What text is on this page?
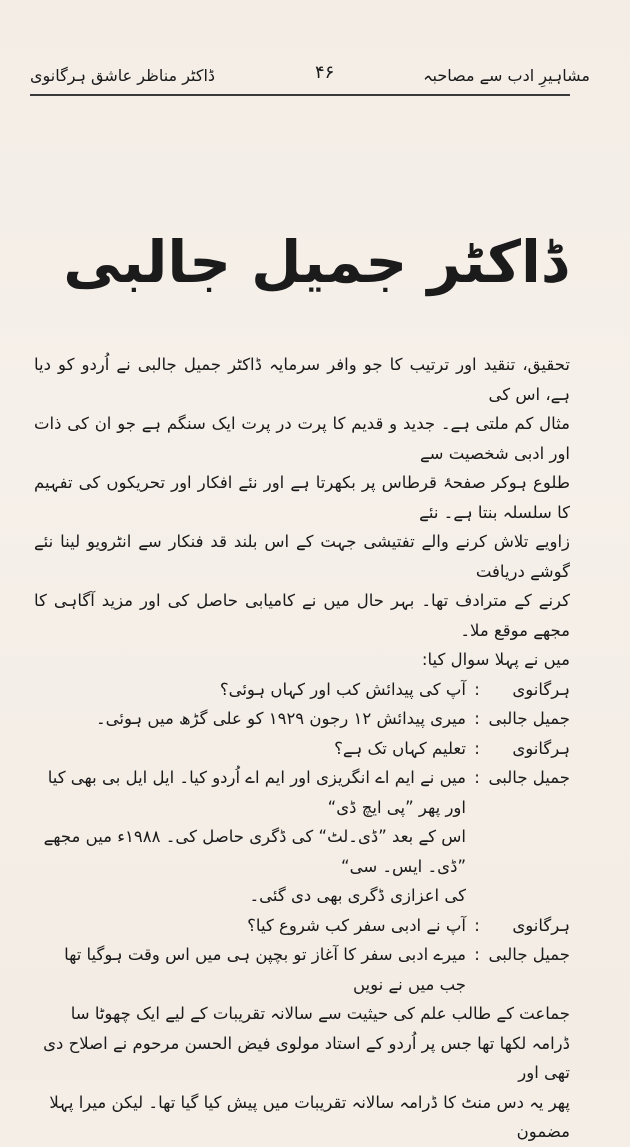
مشاہیرِ ادب سے مصاحبہ
۴۶
ڈاکٹر مناظر عاشق ہرگانوی
ڈاکٹر جمیل جالبی

تحقیق، تنقید اور ترتیب کا جو وافر سرمایہ ڈاکٹر جمیل جالبی نے اُردو کو دیا ہے، اس کی

مثال کم ملتی ہے۔ جدید و قدیم کا پرت در پرت ایک سنگم ہے جو ان کی ذات اور ادبی شخصیت سے

طلوع ہوکر صفحۂ قرطاس پر بکھرتا ہے اور نئے افکار اور تحریکوں کی تفہیم کا سلسلہ بنتا ہے۔ نئے

زاویے تلاش کرنے والے تفتیشی جہت کے اس بلند قد فنکار سے انٹرویو لینا نئے گوشے دریافت

کرنے کے مترادف تھا۔ بہر حال میں نے کامیابی حاصل کی اور مزید آگاہی کا مجھے موقع ملا۔

میں نے پہلا سوال کیا:
ہرگانوی
:
آپ کی پیدائش کب اور کہاں ہوئی؟
جمیل جالبی
:
میری پیدائش ۱۲ رجون ۱۹۲۹ کو علی گڑھ میں ہوئی۔
ہرگانوی
:
تعلیم کہاں تک ہے؟
جمیل جالبی
:
میں نے ایم اے انگریزی اور ایم اے اُردو کیا۔ ایل ایل بی بھی کیا اور پھر ”پی ایچ ڈی“
اس کے بعد ”ڈی۔لٹ“ کی ڈگری حاصل کی۔ ۱۹۸۸ء میں مجھے ”ڈی۔ ایس۔ سی“
کی اعزازی ڈگری بھی دی گئی۔
ہرگانوی
:
آپ نے ادبی سفر کب شروع کیا؟
جمیل جالبی
:
میرے ادبی سفر کا آغاز تو بچپن ہی میں اس وقت ہوگیا تھا جب میں نے نویں
جماعت کے طالب علم کی حیثیت سے سالانہ تقریبات کے لیے ایک چھوٹا سا
ڈرامہ لکھا تھا جس پر اُردو کے استاد مولوی فیض الحسن مرحوم نے اصلاح دی تھی اور
پھر یہ دس منٹ کا ڈرامہ سالانہ تقریبات میں پیش کیا گیا تھا۔ لیکن میرا پہلا مضمون
